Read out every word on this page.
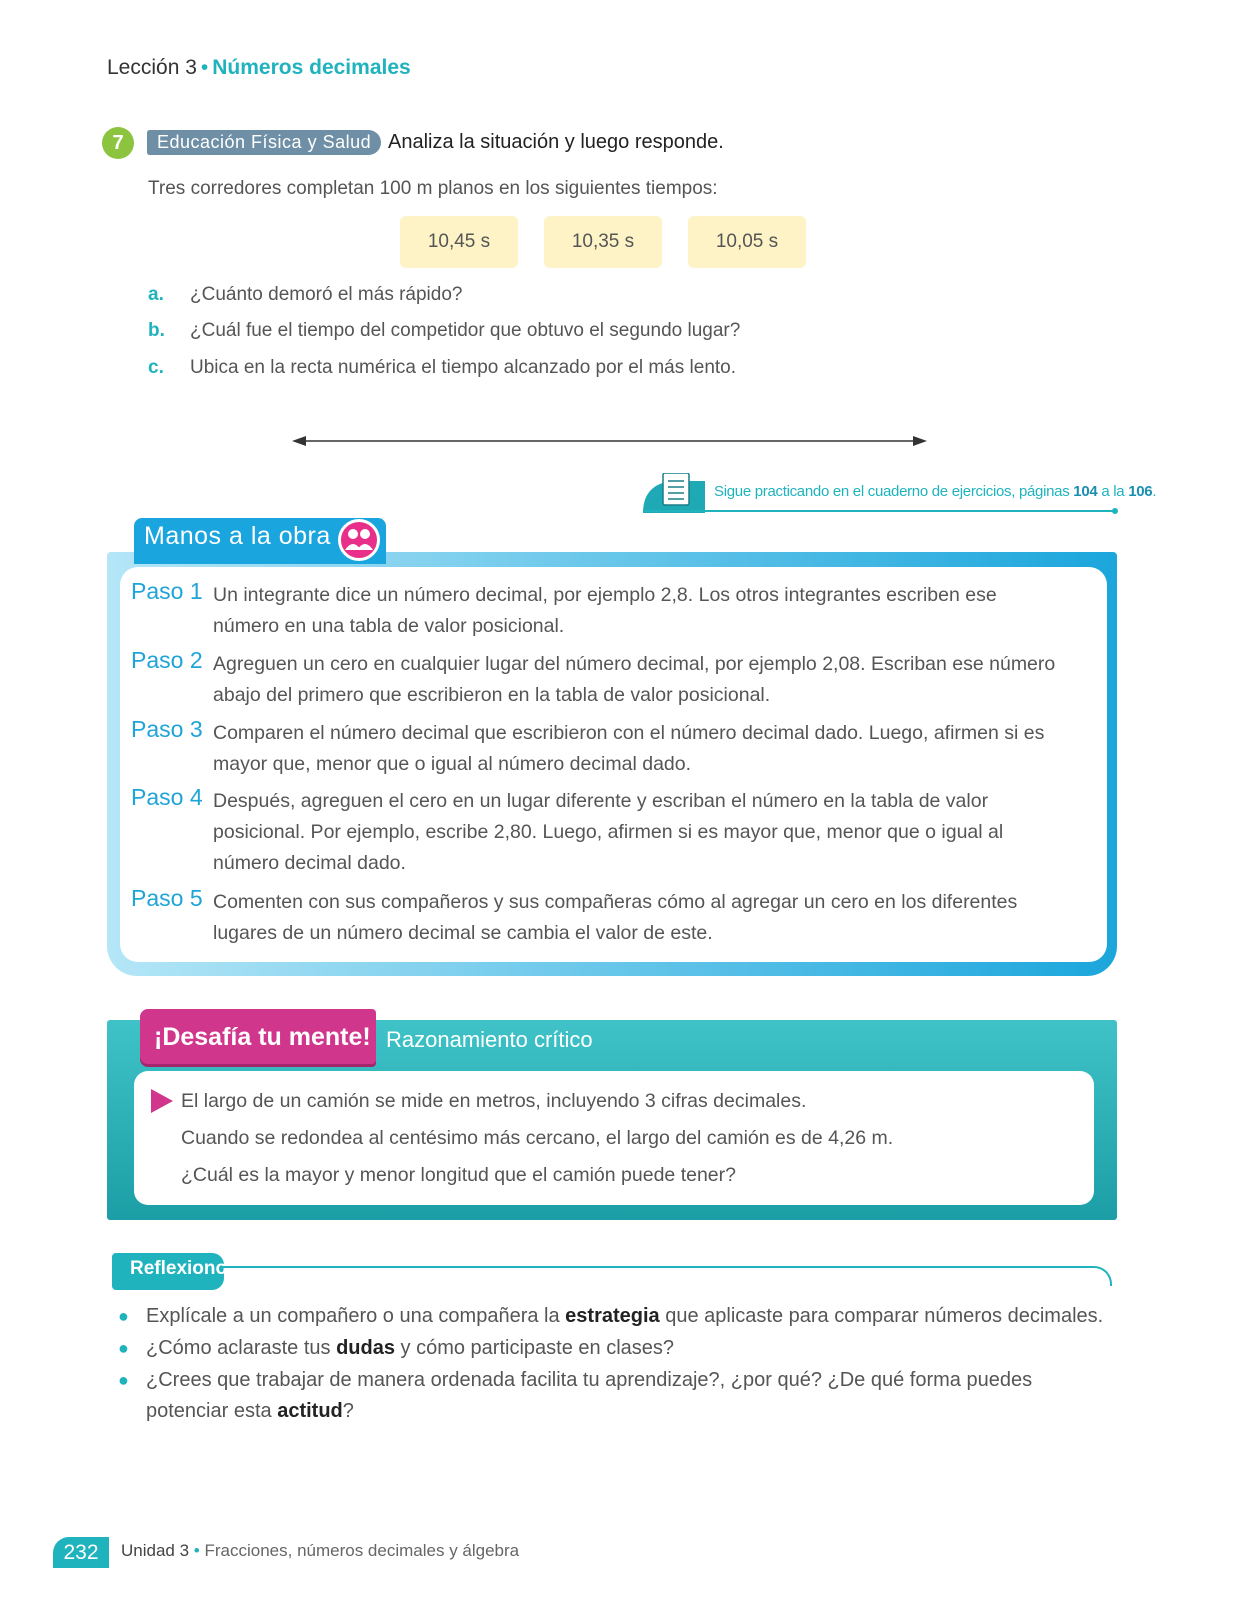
Lección 3 • Números decimales
7	Educación Física y Salud Analiza la situación y luego responde.
Tres corredores completan 100 m planos en los siguientes tiempos:
10,45 s	10,35 s	10,05 s
a. ¿Cuánto demoró el más rápido?
b. ¿Cuál fue el tiempo del competidor que obtuvo el segundo lugar?
c. Ubica en la recta numérica el tiempo alcanzado por el más lento.
Sigue practicando en el cuaderno de ejercicios, páginas 104 a la 106.
Manos a la obra
Paso 1 Un integrante dice un número decimal, por ejemplo 2,8. Los otros integrantes escriben ese número en una tabla de valor posicional.
Paso 2 Agreguen un cero en cualquier lugar del número decimal, por ejemplo 2,08. Escriban ese número abajo del primero que escribieron en la tabla de valor posicional.
Paso 3 Comparen el número decimal que escribieron con el número decimal dado. Luego, afirmen si es mayor que, menor que o igual al número decimal dado.
Paso 4 Después, agreguen el cero en un lugar diferente y escriban el número en la tabla de valor posicional. Por ejemplo, escribe 2,80. Luego, afirmen si es mayor que, menor que o igual al número decimal dado.
Paso 5 Comenten con sus compañeros y sus compañeras cómo al agregar un cero en los diferentes lugares de un número decimal se cambia el valor de este.
¡Desafía tu mente! Razonamiento crítico
El largo de un camión se mide en metros, incluyendo 3 cifras decimales.
Cuando se redondea al centésimo más cercano, el largo del camión es de 4,26 m.
¿Cuál es la mayor y menor longitud que el camión puede tener?
Reflexiono
● Explícale a un compañero o una compañera la estrategia que aplicaste para comparar números decimales.
● ¿Cómo aclaraste tus dudas y cómo participaste en clases?
● ¿Crees que trabajar de manera ordenada facilita tu aprendizaje?, ¿por qué? ¿De qué forma puedes potenciar esta actitud?
232	Unidad 3 • Fracciones, números decimales y álgebra
